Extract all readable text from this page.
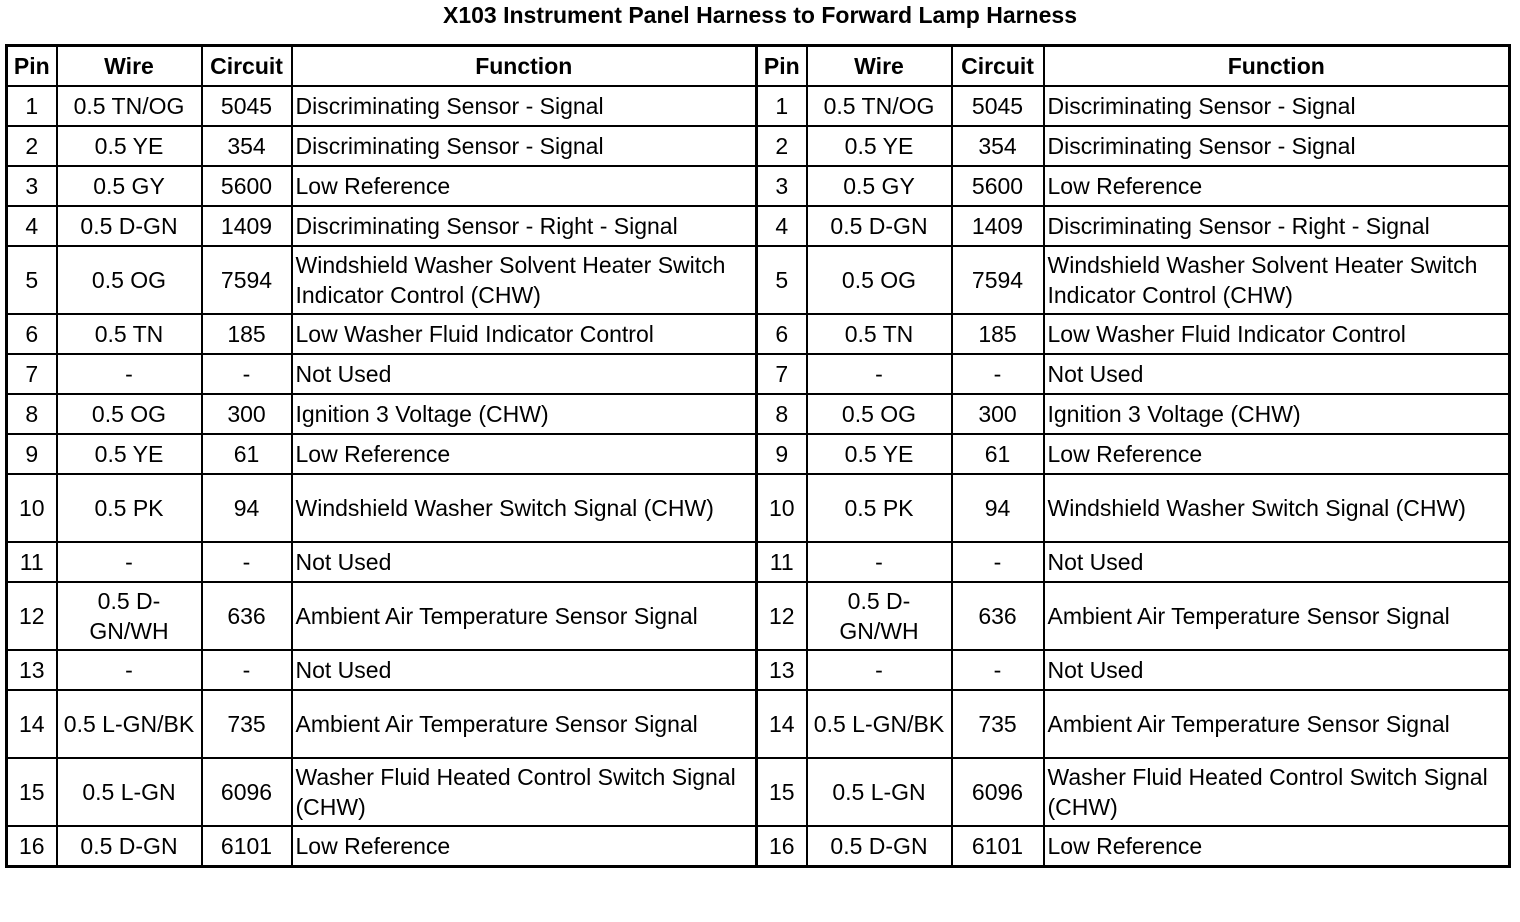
X103 Instrument Panel Harness to Forward Lamp Harness
Pin	Wire	Circuit	Function	Pin	Wire	Circuit	Function
1	0.5 TN/OG	5045	Discriminating Sensor - Signal	1	0.5 TN/OG	5045	Discriminating Sensor - Signal
2	0.5 YE	354	Discriminating Sensor - Signal	2	0.5 YE	354	Discriminating Sensor - Signal
3	0.5 GY	5600	Low Reference	3	0.5 GY	5600	Low Reference
4	0.5 D-GN	1409	Discriminating Sensor - Right - Signal	4	0.5 D-GN	1409	Discriminating Sensor - Right - Signal
5	0.5 OG	7594	Windshield Washer Solvent Heater Switch Indicator Control (CHW)	5	0.5 OG	7594	Windshield Washer Solvent Heater Switch Indicator Control (CHW)
6	0.5 TN	185	Low Washer Fluid Indicator Control	6	0.5 TN	185	Low Washer Fluid Indicator Control
7	-	-	Not Used	7	-	-	Not Used
8	0.5 OG	300	Ignition 3 Voltage (CHW)	8	0.5 OG	300	Ignition 3 Voltage (CHW)
9	0.5 YE	61	Low Reference	9	0.5 YE	61	Low Reference
10	0.5 PK	94	Windshield Washer Switch Signal (CHW)	10	0.5 PK	94	Windshield Washer Switch Signal (CHW)
11	-	-	Not Used	11	-	-	Not Used
12	0.5 D-GN/WH	636	Ambient Air Temperature Sensor Signal	12	0.5 D-GN/WH	636	Ambient Air Temperature Sensor Signal
13	-	-	Not Used	13	-	-	Not Used
14	0.5 L-GN/BK	735	Ambient Air Temperature Sensor Signal	14	0.5 L-GN/BK	735	Ambient Air Temperature Sensor Signal
15	0.5 L-GN	6096	Washer Fluid Heated Control Switch Signal (CHW)	15	0.5 L-GN	6096	Washer Fluid Heated Control Switch Signal (CHW)
16	0.5 D-GN	6101	Low Reference	16	0.5 D-GN	6101	Low Reference
